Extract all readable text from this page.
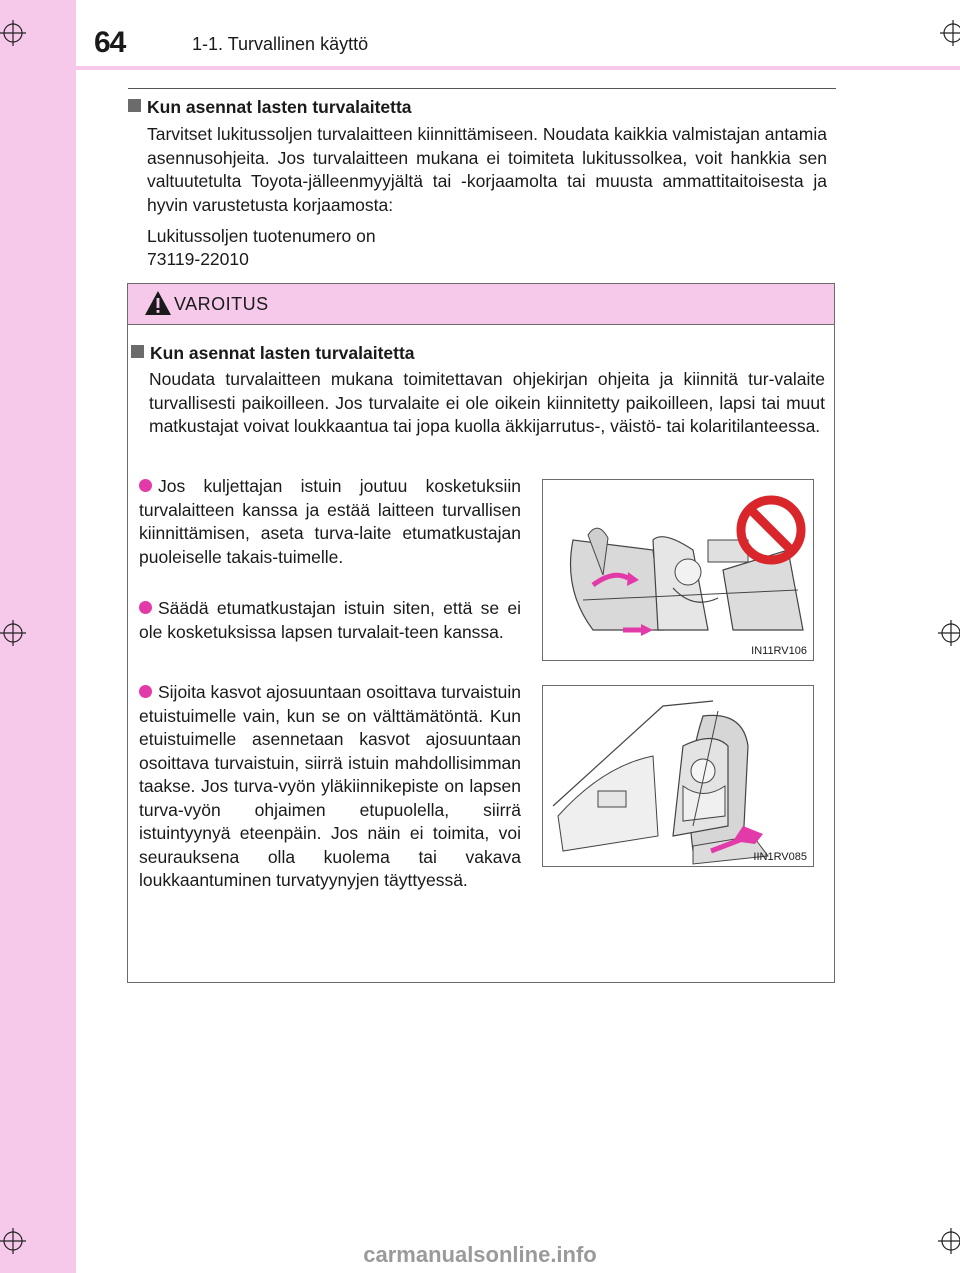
64	1-1. Turvallinen käyttö
Kun asennat lasten turvalaitetta
Tarvitset lukitussoljen turvalaitteen kiinnittämiseen. Noudata kaikkia valmistajan antamia asennusohjeita. Jos turvalaitteen mukana ei toimiteta lukitussolkea, voit hankkia sen valtuutetulta Toyota-jälleenmyyjältä tai -korjaamolta tai muusta ammattitaitoisesta ja hyvin varustetusta korjaamosta:
Lukitussoljen tuotenumero on
73119-22010
VAROITUS
Kun asennat lasten turvalaitetta
Noudata turvalaitteen mukana toimitettavan ohjekirjan ohjeita ja kiinnitä tur-valaite turvallisesti paikoilleen. Jos turvalaite ei ole oikein kiinnitetty paikoilleen, lapsi tai muut matkustajat voivat loukkaantua tai jopa kuolla äkkijarrutus-, väistö- tai kolaritilanteessa.
Jos kuljettajan istuin joutuu kosketuksiin turvalaitteen kanssa ja estää laitteen turvallisen kiinnittämisen, aseta turva-laite etumatkustajan puoleiselle takais-tuimelle.
Säädä etumatkustajan istuin siten, että se ei ole kosketuksissa lapsen turvalait-teen kanssa.
Sijoita kasvot ajosuuntaan osoittava turvaistuin etuistuimelle vain, kun se on välttämätöntä. Kun etuistuimelle asennetaan kasvot ajosuuntaan osoittava turvaistuin, siirrä istuin mahdollisimman taakse. Jos turva-vyön yläkiinnikepiste on lapsen turva-vyön ohjaimen etupuolella, siirrä istuintyynyä eteenpäin. Jos näin ei toimita, voi seurauksena olla kuolema tai vakava loukkaantuminen turvatyynyjen täyttyessä.
IN11RV106
IIN1RV085
carmanualsonline.info
